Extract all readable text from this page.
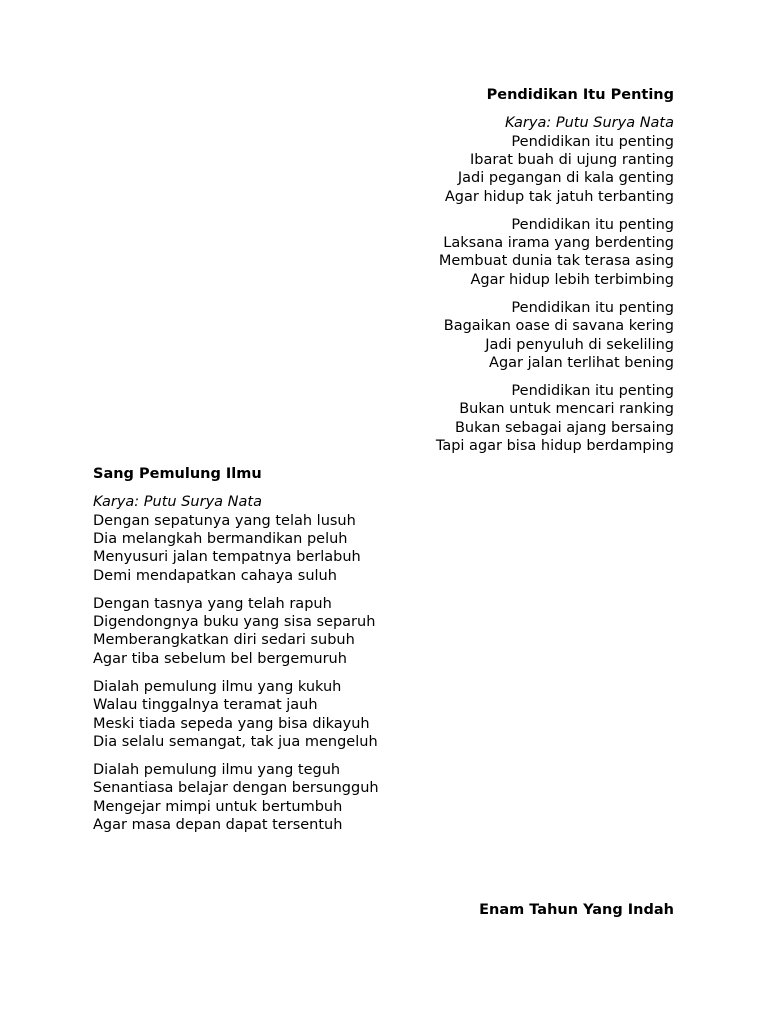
Pendidikan Itu Penting
Karya: Putu Surya Nata
Pendidikan itu penting
Ibarat buah di ujung ranting
Jadi pegangan di kala genting
Agar hidup tak jatuh terbanting
Pendidikan itu penting
Laksana irama yang berdenting
Membuat dunia tak terasa asing
Agar hidup lebih terbimbing
Pendidikan itu penting
Bagaikan oase di savana kering
Jadi penyuluh di sekeliling
Agar jalan terlihat bening
Pendidikan itu penting
Bukan untuk mencari ranking
Bukan sebagai ajang bersaing
Tapi agar bisa hidup berdamping
Sang Pemulung Ilmu
Karya: Putu Surya Nata
Dengan sepatunya yang telah lusuh
Dia melangkah bermandikan peluh
Menyusuri jalan tempatnya berlabuh
Demi mendapatkan cahaya suluh
Dengan tasnya yang telah rapuh
Digendongnya buku yang sisa separuh
Memberangkatkan diri sedari subuh
Agar tiba sebelum bel bergemuruh
Dialah pemulung ilmu yang kukuh
Walau tinggalnya teramat jauh
Meski tiada sepeda yang bisa dikayuh
Dia selalu semangat, tak jua mengeluh
Dialah pemulung ilmu yang teguh
Senantiasa belajar dengan bersungguh
Mengejar mimpi untuk bertumbuh
Agar masa depan dapat tersentuh
Enam Tahun Yang Indah
